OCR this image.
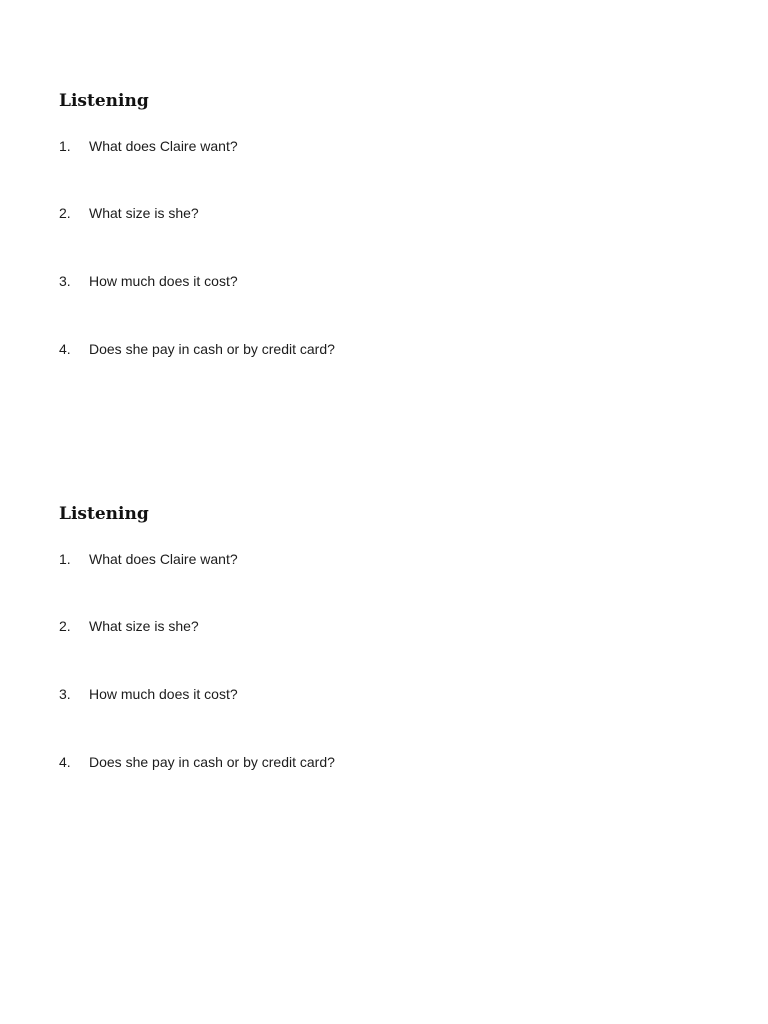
Listening
1.	What does Claire want?
2.	What size is she?
3.	How much does it cost?
4.	Does she pay in cash or by credit card?
Listening
1.	What does Claire want?
2.	What size is she?
3.	How much does it cost?
4.	Does she pay in cash or by credit card?
